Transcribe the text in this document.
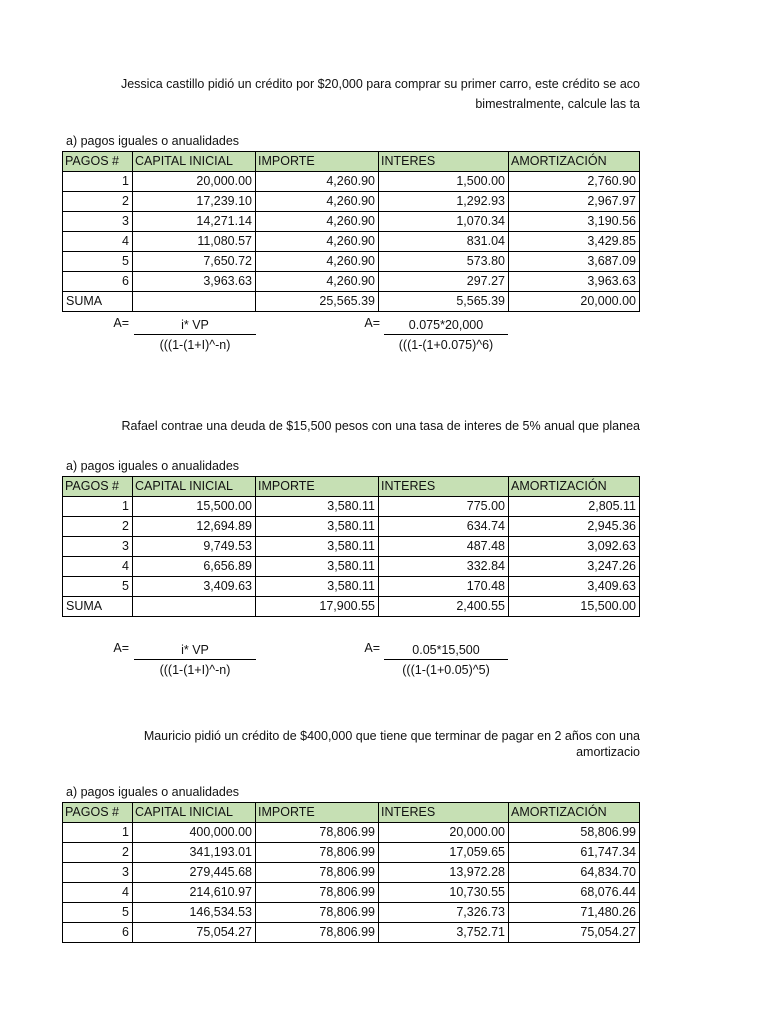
Jessica castillo pidió un crédito por $20,000 para comprar su primer carro, este crédito se aco
bimestralmente, calcule las ta
a) pagos iguales o anualidades
PAGOS #	CAPITAL INICIAL	IMPORTE	INTERES	AMORTIZACIÓN
1	20,000.00	4,260.90	1,500.00	2,760.90
2	17,239.10	4,260.90	1,292.93	2,967.97
3	14,271.14	4,260.90	1,070.34	3,190.56
4	11,080.57	4,260.90	831.04	3,429.85
5	7,650.72	4,260.90	573.80	3,687.09
6	3,963.63	4,260.90	297.27	3,963.63
SUMA		25,565.39	5,565.39	20,000.00
A=	i* VP
(((1-(1+I)^-n)
A=	0.075*20,000
(((1-(1+0.075)^6)
Rafael contrae una deuda de $15,500 pesos con una tasa de interes de 5% anual que planea
a) pagos iguales o anualidades
PAGOS #	CAPITAL INICIAL	IMPORTE	INTERES	AMORTIZACIÓN
1	15,500.00	3,580.11	775.00	2,805.11
2	12,694.89	3,580.11	634.74	2,945.36
3	9,749.53	3,580.11	487.48	3,092.63
4	6,656.89	3,580.11	332.84	3,247.26
5	3,409.63	3,580.11	170.48	3,409.63
SUMA		17,900.55	2,400.55	15,500.00
A=	i* VP
(((1-(1+I)^-n)
A=	0.05*15,500
(((1-(1+0.05)^5)
Mauricio pidió un crédito de $400,000 que tiene que terminar de pagar en 2 años con una
amortizacio
a) pagos iguales o anualidades
PAGOS #	CAPITAL INICIAL	IMPORTE	INTERES	AMORTIZACIÓN
1	400,000.00	78,806.99	20,000.00	58,806.99
2	341,193.01	78,806.99	17,059.65	61,747.34
3	279,445.68	78,806.99	13,972.28	64,834.70
4	214,610.97	78,806.99	10,730.55	68,076.44
5	146,534.53	78,806.99	7,326.73	71,480.26
6	75,054.27	78,806.99	3,752.71	75,054.27
